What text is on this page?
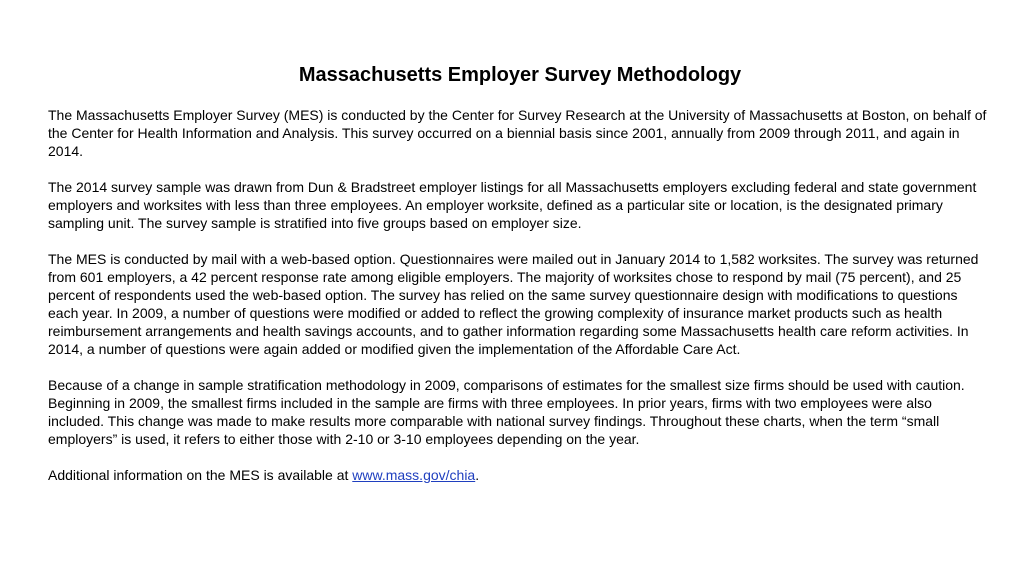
Massachusetts Employer Survey Methodology

The Massachusetts Employer Survey (MES) is conducted by the Center for Survey Research at the University of Massachusetts at Boston, on behalf of the Center for Health Information and Analysis. This survey occurred on a biennial basis since 2001, annually from 2009 through 2011, and again in 2014.

The 2014 survey sample was drawn from Dun & Bradstreet employer listings for all Massachusetts employers excluding federal and state government employers and worksites with less than three employees. An employer worksite, defined as a particular site or location, is the designated primary sampling unit. The survey sample is stratified into five groups based on employer size.

The MES is conducted by mail with a web-based option. Questionnaires were mailed out in January 2014 to 1,582 worksites. The survey was returned from 601 employers, a 42 percent response rate among eligible employers. The majority of worksites chose to respond by mail (75 percent), and 25 percent of respondents used the web-based option. The survey has relied on the same survey questionnaire design with modifications to questions each year. In 2009, a number of questions were modified or added to reflect the growing complexity of insurance market products such as health reimbursement arrangements and health savings accounts, and to gather information regarding some Massachusetts health care reform activities. In 2014, a number of questions were again added or modified given the implementation of the Affordable Care Act.

Because of a change in sample stratification methodology in 2009, comparisons of estimates for the smallest size firms should be used with caution. Beginning in 2009, the smallest firms included in the sample are firms with three employees. In prior years, firms with two employees were also included. This change was made to make results more comparable with national survey findings. Throughout these charts, when the term “small employers” is used, it refers to either those with 2-10 or 3-10 employees depending on the year.

Additional information on the MES is available at www.mass.gov/chia.
